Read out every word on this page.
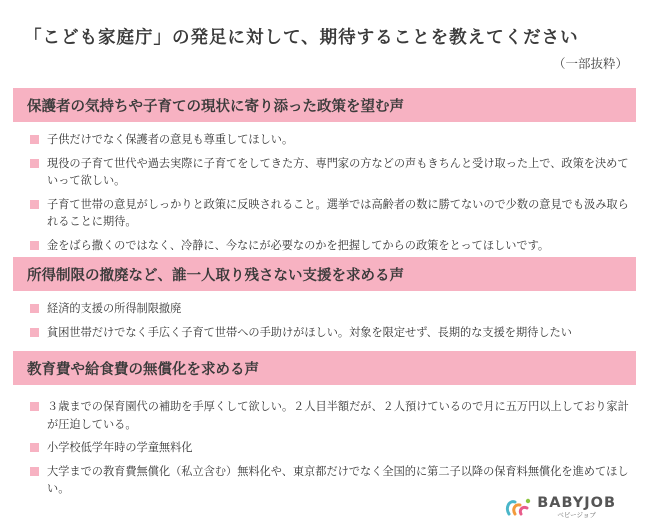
「こども家庭庁」の発足に対して、期待することを教えてください
（一部抜粋）
保護者の気持ちや子育ての現状に寄り添った政策を望む声
子供だけでなく保護者の意見も尊重してほしい。
現役の子育て世代や過去実際に子育てをしてきた方、専門家の方などの声もきちんと受け取った上で、政策を決めていって欲しい。
子育て世帯の意見がしっかりと政策に反映されること。選挙では高齢者の数に勝てないので少数の意見でも汲み取られることに期待。
金をばら撒くのではなく、冷静に、今なにが必要なのかを把握してからの政策をとってほしいです。
所得制限の撤廃など、誰一人取り残さない支援を求める声
経済的支援の所得制限撤廃
貧困世帯だけでなく手広く子育て世帯への手助けがほしい。対象を限定せず、長期的な支援を期待したい
教育費や給食費の無償化を求める声
３歳までの保育園代の補助を手厚くして欲しい。２人目半額だが、２人預けているので月に五万円以上しており家計が圧迫している。
小学校低学年時の学童無料化
大学までの教育費無償化（私立含む）無料化や、東京都だけでなく全国的に第二子以降の保育料無償化を進めてほしい。
BABYJOB
ベビージョブ
